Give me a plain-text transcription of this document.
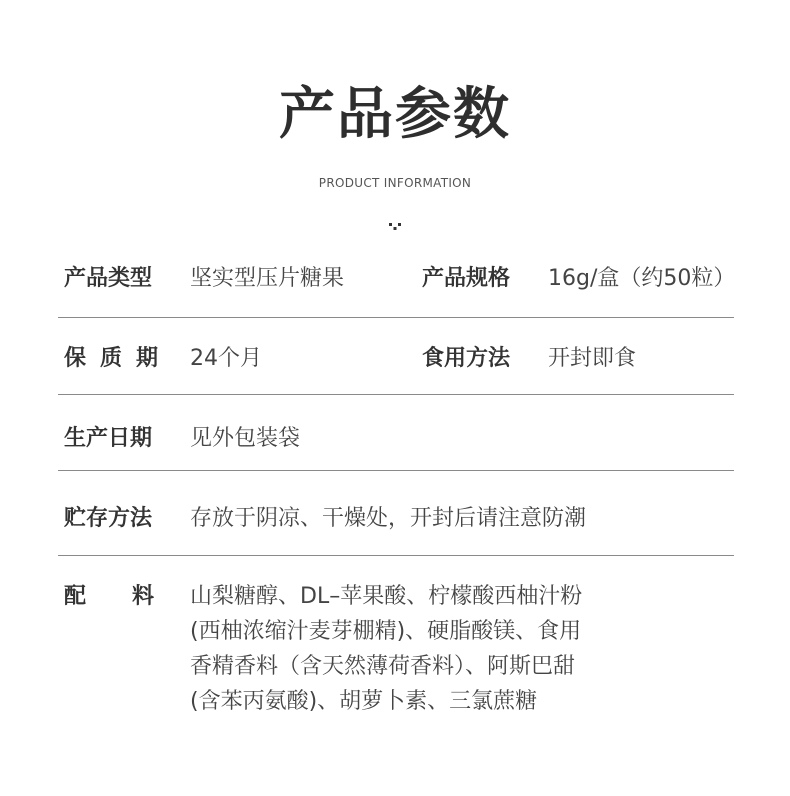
产品参数
PRODUCT INFORMATION
产品类型 坚实型压片糖果	产品规格 16g/盒（约50粒）
保质期 24个月	食用方法 开封即食
生产日期 见外包装袋
贮存方法 存放于阴凉、干燥处，开封后请注意防潮
配料
山梨糖醇、DL–苹果酸、柠檬酸西柚汁粉
(西柚浓缩汁麦芽棚精)、硬脂酸镁、食用
香精香料（含天然薄荷香料）、阿斯巴甜
(含苯丙氨酸)、胡萝卜素、三氯蔗糖
